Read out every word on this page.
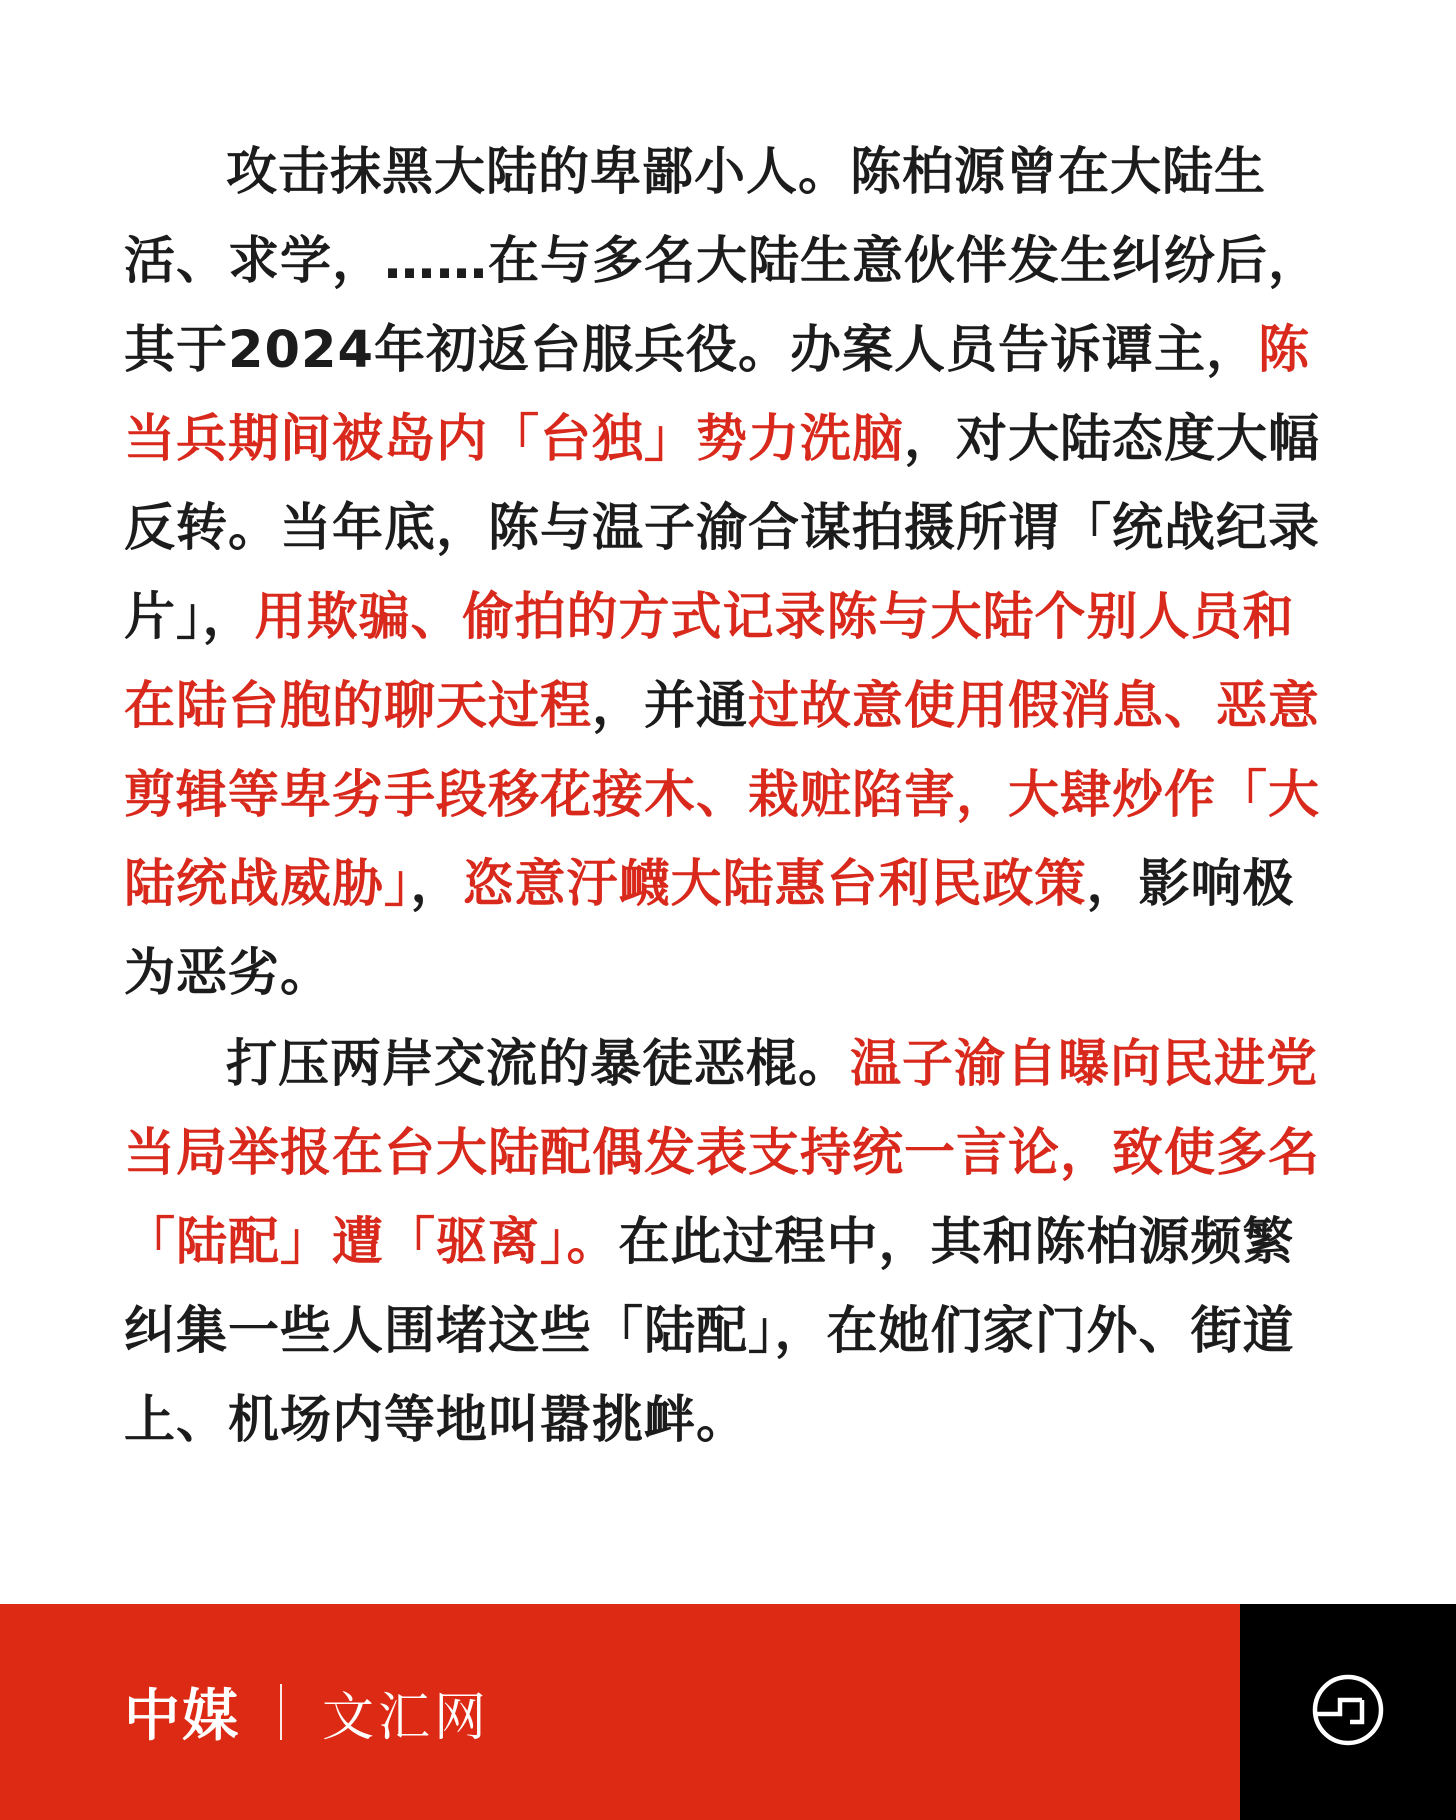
攻击抹黑大陆的卑鄙小人。陈柏源曾在大陆生活、求学，……在与多名大陆生意伙伴发生纠纷后，其于2024年初返台服兵役。办案人员告诉谭主，陈当兵期间被岛内「台独」势力洗脑，对大陆态度大幅反转。当年底，陈与温子渝合谋拍摄所谓「统战纪录片」，用欺骗、偷拍的方式记录陈与大陆个别人员和在陆台胞的聊天过程，并通过故意使用假消息、恶意剪辑等卑劣手段移花接木、栽赃陷害，大肆炒作「大陆统战威胁」，恣意汙衊大陆惠台利民政策，影响极为恶劣。

打压两岸交流的暴徒恶棍。温子渝自曝向民进党当局举报在台大陆配偶发表支持统一言论，致使多名「陆配」遭「驱离」。在此过程中，其和陈柏源频繁纠集一些人围堵这些「陆配」，在她们家门外、街道上、机场内等地叫嚣挑衅。

中媒 文汇网
